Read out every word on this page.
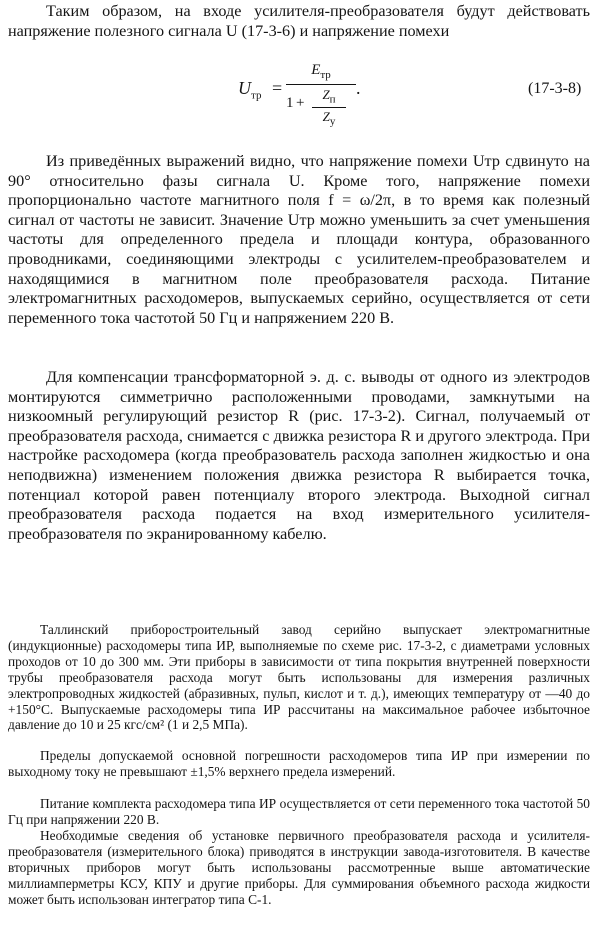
Таким образом, на входе усилителя-преобразователя будут действовать напряжение полезного сигнала U (17-3-6) и напряжение помехи

$U_{тр}$ =
$E_{тр}$
1 +
$Z_п$
$Z_у$
.	(17-3-8)

Из приведённых выражений видно, что напряжение помехи Uтр сдвинуто на 90° относительно фазы сигнала U. Кроме того, напряжение помехи пропорционально частоте магнитного поля f = ω/2π, в то время как полезный сигнал от частоты не зависит. Значение Uтр можно уменьшить за счет уменьшения частоты для определенного предела и площади контура, образованного проводниками, соединяющими электроды с усилителем-преобразователем и находящимися в магнитном поле преобразователя расхода. Питание электромагнитных расходомеров, выпускаемых серийно, осуществляется от сети переменного тока частотой 50 Гц и напряжением 220 В.

Для компенсации трансформаторной э. д. с. выводы от одного из электродов монтируются симметрично расположенными проводами, замкнутыми на низкоомный регулирующий резистор R (рис. 17-3-2). Сигнал, получаемый от преобразователя расхода, снимается с движка резистора R и другого электрода. При настройке расходомера (когда преобразователь расхода заполнен жидкостью и она неподвижна) изменением положения движка резистора R выбирается точка, потенциал которой равен потенциалу второго электрода. Выходной сигнал преобразователя расхода подается на вход измерительного усилителя-преобразователя по экранированному кабелю.

Таллинский приборостроительный завод серийно выпускает электромагнитные (индукционные) расходомеры типа ИР, выполняемые по схеме рис. 17-3-2, с диаметрами условных проходов от 10 до 300 мм. Эти приборы в зависимости от типа покрытия внутренней поверхности трубы преобразователя расхода могут быть использованы для измерения различных электропроводных жидкостей (абразивных, пульп, кислот и т. д.), имеющих температуру от —40 до +150°С. Выпускаемые расходомеры типа ИР рассчитаны на максимальное рабочее избыточное давление до 10 и 25 кгс/см² (1 и 2,5 МПа).

Пределы допускаемой основной погрешности расходомеров типа ИР при измерении по выходному току не превышают ±1,5% верхнего предела измерений.

Питание комплекта расходомера типа ИР осуществляется от сети переменного тока частотой 50 Гц при напряжении 220 В.

Необходимые сведения об установке первичного преобразователя расхода и усилителя-преобразователя (измерительного блока) приводятся в инструкции завода-изготовителя. В качестве вторичных приборов могут быть использованы рассмотренные выше автоматические миллиамперметры КСУ, КПУ и другие приборы. Для суммирования объемного расхода жидкости может быть использован интегратор типа С-1.
